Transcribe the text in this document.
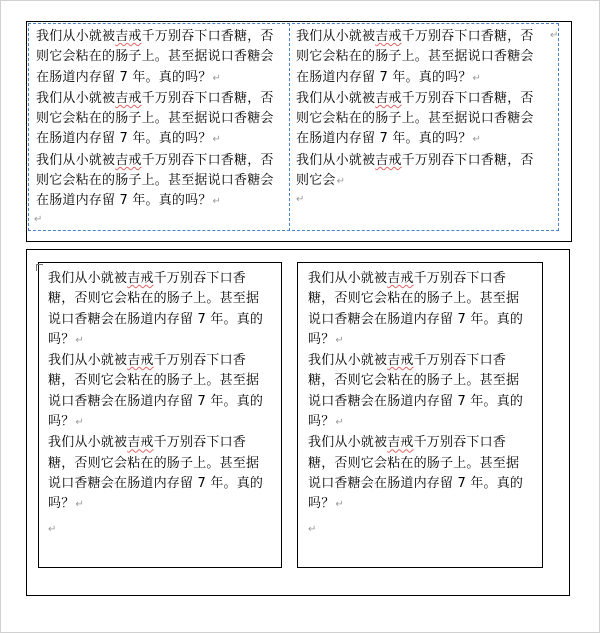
我们从小就被吉戒千万别吞下口香糖，否

则它会粘在的肠子上。甚至据说口香糖会

在肠道内存留 7 年。真的吗？↵

我们从小就被吉戒千万别吞下口香糖，否

则它会粘在的肠子上。甚至据说口香糖会

在肠道内存留 7 年。真的吗？↵

我们从小就被吉戒千万别吞下口香糖，否

则它会粘在的肠子上。甚至据说口香糖会

在肠道内存留 7 年。真的吗？↵

我们从小就被吉戒千万别吞下口香糖，否

则它会粘在的肠子上。甚至据说口香糖会

在肠道内存留 7 年。真的吗？↵

我们从小就被吉戒千万别吞下口香糖，否

则它会粘在的肠子上。甚至据说口香糖会

在肠道内存留 7 年。真的吗？↵

我们从小就被吉戒千万别吞下口香糖，否

则它会↵

↵
↵
↵

我们从小就被吉戒千万别吞下口香

糖，否则它会粘在的肠子上。甚至据

说口香糖会在肠道内存留 7 年。真的

吗？↵

我们从小就被吉戒千万别吞下口香

糖，否则它会粘在的肠子上。甚至据

说口香糖会在肠道内存留 7 年。真的

吗？↵

我们从小就被吉戒千万别吞下口香

糖，否则它会粘在的肠子上。甚至据

说口香糖会在肠道内存留 7 年。真的

吗？↵

我们从小就被吉戒千万别吞下口香

糖，否则它会粘在的肠子上。甚至据

说口香糖会在肠道内存留 7 年。真的

吗？↵

我们从小就被吉戒千万别吞下口香

糖，否则它会粘在的肠子上。甚至据

说口香糖会在肠道内存留 7 年。真的

吗？↵

我们从小就被吉戒千万别吞下口香

糖，否则它会粘在的肠子上。甚至据

说口香糖会在肠道内存留 7 年。真的

吗？↵

↵	↵
